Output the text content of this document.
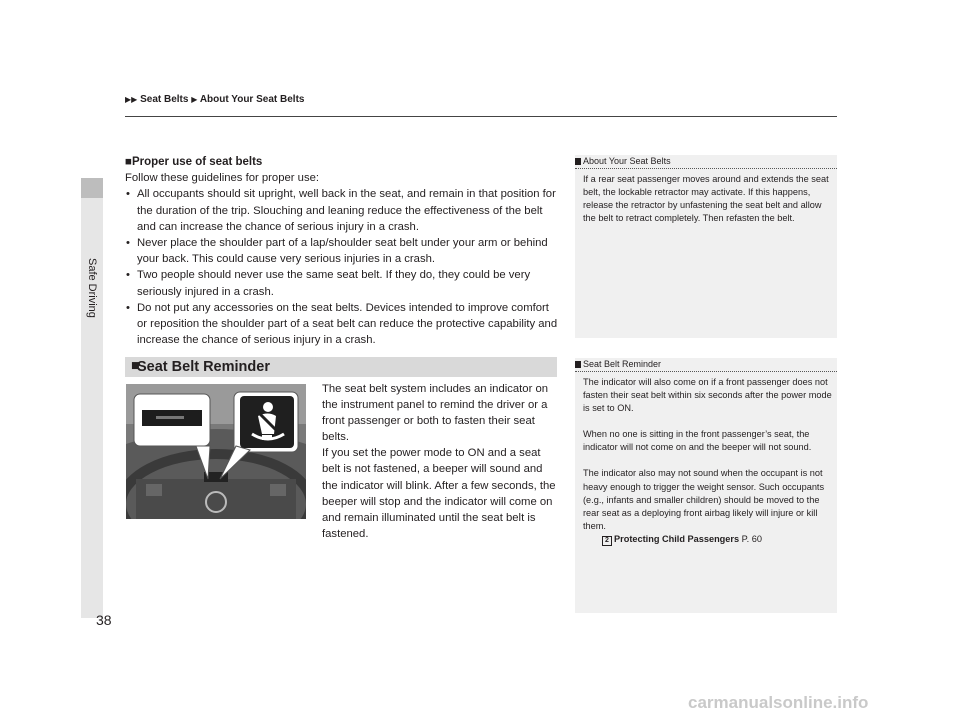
Safe Driving
▶▶ Seat Belts ▶ About Your Seat Belts
■Proper use of seat belts
Follow these guidelines for proper use:
• All occupants should sit upright, well back in the seat, and remain in that position for the duration of the trip. Slouching and leaning reduce the effectiveness of the belt and can increase the chance of serious injury in a crash.
• Never place the shoulder part of a lap/shoulder seat belt under your arm or behind your back. This could cause very serious injuries in a crash.
• Two people should never use the same seat belt. If they do, they could be very seriously injured in a crash.
• Do not put any accessories on the seat belts. Devices intended to improve comfort or reposition the shoulder part of a seat belt can reduce the protective capability and increase the chance of serious injury in a crash.
■
Seat Belt Reminder

The seat belt system includes an indicator on the instrument panel to remind the driver or a front passenger or both to fasten their seat belts.

If you set the power mode to ON and a seat belt is not fastened, a beeper will sound and the indicator will blink. After a few seconds, the beeper will stop and the indicator will come on and remain illuminated until the seat belt is fastened.

About Your Seat Belts

If a rear seat passenger moves around and extends the seat belt, the lockable retractor may activate. If this happens, release the retractor by unfastening the seat belt and allow the belt to retract completely. Then refasten the belt.

Seat Belt Reminder

The indicator will also come on if a front passenger does not fasten their seat belt within six seconds after the power mode is set to ON.

When no one is sitting in the front passenger’s seat, the indicator will not come on and the beeper will not sound.

The indicator also may not sound when the occupant is not heavy enough to trigger the weight sensor. Such occupants (e.g., infants and smaller children) should be moved to the rear seat as a deploying front airbag likely will injure or kill them.

2 Protecting Child Passengers P. 60
38
carmanualsonline.info
